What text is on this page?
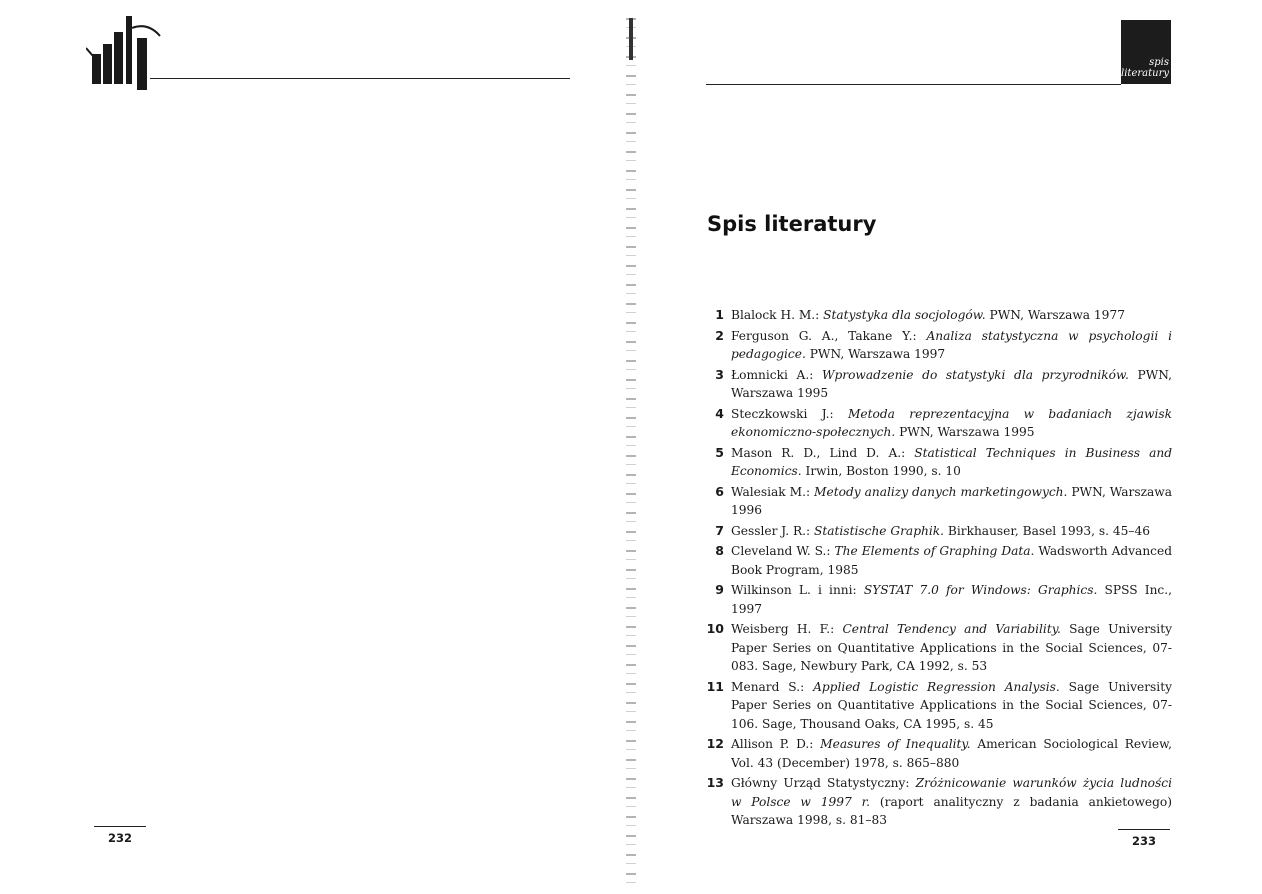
232
spis
literatury
Spis literatury
1 Blalock H. M.: Statystyka dla socjologów. PWN, Warszawa 1977
2 Ferguson G. A., Takane Y.: Analiza statystyczna w psychologii i pedagogice. PWN, Warszawa 1997
3 Łomnicki A.: Wprowadzenie do statystyki dla przyrodników. PWN, Warszawa 1995
4 Steczkowski J.: Metoda reprezentacyjna w badaniach zjawisk ekonomiczno-społecznych. PWN, Warszawa 1995
5 Mason R. D., Lind D. A.: Statistical Techniques in Business and Economics. Irwin, Boston 1990, s. 10
6 Walesiak M.: Metody analizy danych marketingowych. PWN, Warszawa 1996
7 Gessler J. R.: Statistische Graphik. Birkhauser, Basel 1993, s. 45–46
8 Cleveland W. S.: The Elements of Graphing Data. Wadsworth Advanced Book Program, 1985
9 Wilkinson L. i inni: SYSTAT 7.0 for Windows: Graphics. SPSS Inc., 1997
10 Weisberg H. F.: Central Tendency and Variability. Sage University Paper Series on Quantitative Applications in the Social Sciences, 07-083. Sage, Newbury Park, CA 1992, s. 53
11 Menard S.: Applied Logistic Regression Analysis. Sage University Paper Series on Quantitative Applications in the Social Sciences, 07-106. Sage, Thousand Oaks, CA 1995, s. 45
12 Allison P. D.: Measures of Inequality. American Sociological Review, Vol. 43 (December) 1978, s. 865–880
13 Główny Urząd Statystyczny: Zróżnicowanie warunków życia ludności w Polsce w 1997 r. (raport analityczny z badania ankietowego) Warszawa 1998, s. 81–83
233
